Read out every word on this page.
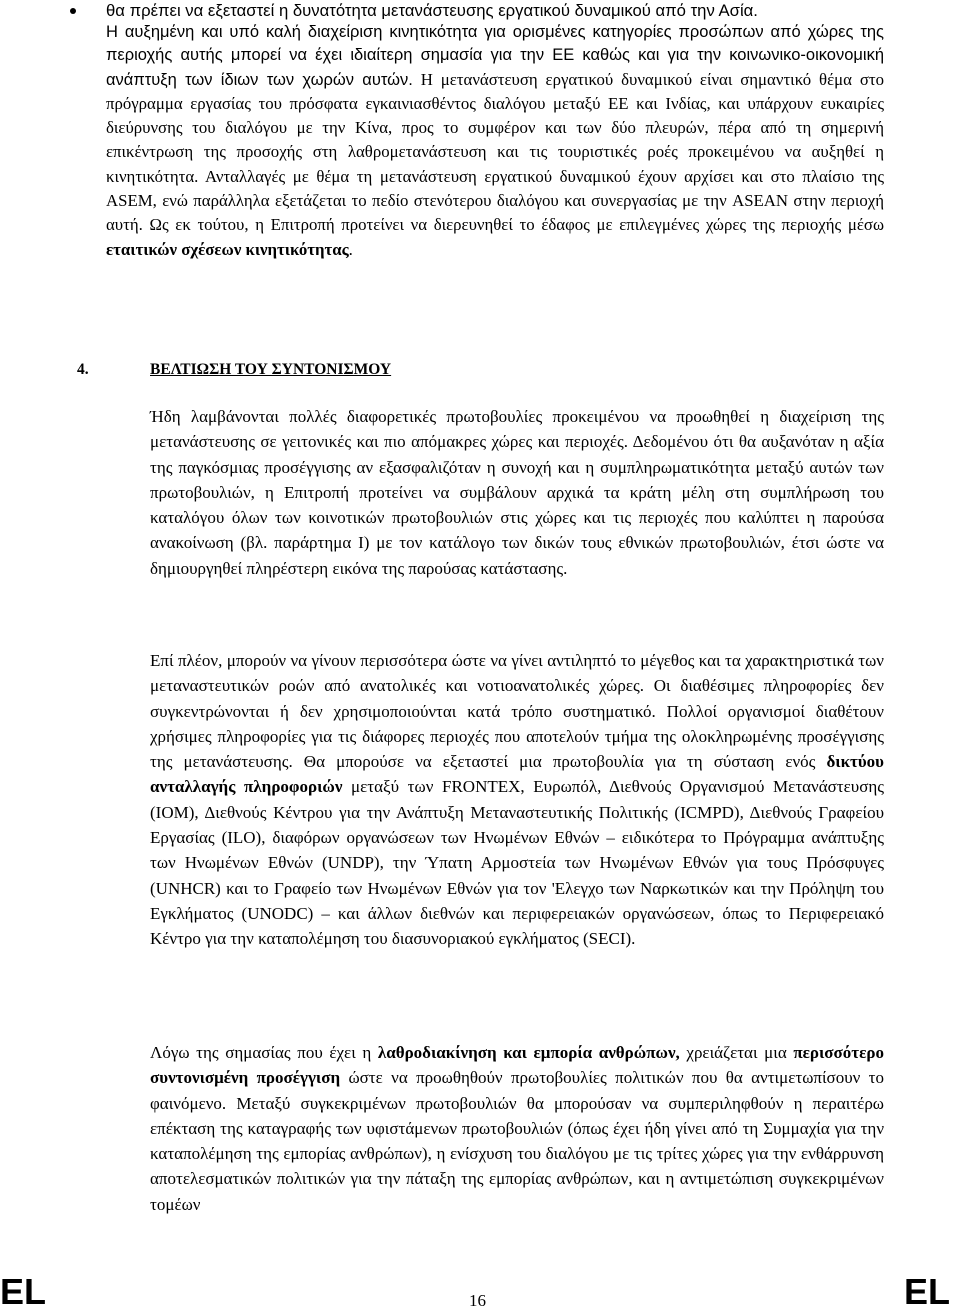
θα πρέπει να εξεταστεί η δυνατότητα μετανάστευσης εργατικού δυναμικού από την Ασία.
Η αυξημένη και υπό καλή διαχείριση κινητικότητα για ορισμένες κατηγορίες προσώπων από χώρες της περιοχής αυτής μπορεί να έχει ιδιαίτερη σημασία για την ΕΕ καθώς και για την κοινωνικο-οικονομική ανάπτυξη των ίδιων των χωρών αυτών. Η μετανάστευση εργατικού δυναμικού είναι σημαντικό θέμα στο πρόγραμμα εργασίας του πρόσφατα εγκαινιασθέντος διαλόγου μεταξύ ΕΕ και Ινδίας, και υπάρχουν ευκαιρίες διεύρυνσης του διαλόγου με την Κίνα, προς το συμφέρον και των δύο πλευρών, πέρα από τη σημερινή επικέντρωση της προσοχής στη λαθρομετανάστευση και τις τουριστικές ροές προκειμένου να αυξηθεί η κινητικότητα. Ανταλλαγές με θέμα τη μετανάστευση εργατικού δυναμικού έχουν αρχίσει και στο πλαίσιο της ASEM, ενώ παράλληλα εξετάζεται το πεδίο στενότερου διαλόγου και συνεργασίας με την ASEAN στην περιοχή αυτή. Ως εκ τούτου, η Επιτροπή προτείνει να διερευνηθεί το έδαφος με επιλεγμένες χώρες της περιοχής μέσω εταιτικών σχέσεων κινητικότητας.
4.	ΒΕΛΤΙΩΣΗ ΤΟΥ ΣΥΝΤΟΝΙΣΜΟΥ
Ήδη λαμβάνονται πολλές διαφορετικές πρωτοβουλίες προκειμένου να προωθηθεί η διαχείριση της μετανάστευσης σε γειτονικές και πιο απόμακρες χώρες και περιοχές. Δεδομένου ότι θα αυξανόταν η αξία της παγκόσμιας προσέγγισης αν εξασφαλιζόταν η συνοχή και η συμπληρωματικότητα μεταξύ αυτών των πρωτοβουλιών, η Επιτροπή προτείνει να συμβάλουν αρχικά τα κράτη μέλη στη συμπλήρωση του καταλόγου όλων των κοινοτικών πρωτοβουλιών στις χώρες και τις περιοχές που καλύπτει η παρούσα ανακοίνωση (βλ. παράρτημα Ι) με τον κατάλογο των δικών τους εθνικών πρωτοβουλιών, έτσι ώστε να δημιουργηθεί πληρέστερη εικόνα της παρούσας κατάστασης.
Επί πλέον, μπορούν να γίνουν περισσότερα ώστε να γίνει αντιληπτό το μέγεθος και τα χαρακτηριστικά των μεταναστευτικών ροών από ανατολικές και νοτιοανατολικές χώρες. Οι διαθέσιμες πληροφορίες δεν συγκεντρώνονται ή δεν χρησιμοποιούνται κατά τρόπο συστηματικό. Πολλοί οργανισμοί διαθέτουν χρήσιμες πληροφορίες για τις διάφορες περιοχές που αποτελούν τμήμα της ολοκληρωμένης προσέγγισης της μετανάστευσης. Θα μπορούσε να εξεταστεί μια πρωτοβουλία για τη σύσταση ενός δικτύου ανταλλαγής πληροφοριών μεταξύ των FRONTEX, Ευρωπόλ, Διεθνούς Οργανισμού Μετανάστευσης (IOM), Διεθνούς Κέντρου για την Ανάπτυξη Μεταναστευτικής Πολιτικής (ICMPD), Διεθνούς Γραφείου Εργασίας (ILO), διαφόρων οργανώσεων των Ηνωμένων Εθνών – ειδικότερα το Πρόγραμμα ανάπτυξης των Ηνωμένων Εθνών (UNDP), την Ύπατη Αρμοστεία των Ηνωμένων Εθνών για τους Πρόσφυγες (UNHCR) και το Γραφείο των Ηνωμένων Εθνών για τον 'Ελεγχο των Ναρκωτικών και την Πρόληψη του Εγκλήματος (UNODC) – και άλλων διεθνών και περιφερειακών οργανώσεων, όπως το Περιφερειακό Κέντρο για την καταπολέμηση του διασυνοριακού εγκλήματος (SECI).
Λόγω της σημασίας που έχει η λαθροδιακίνηση και εμπορία ανθρώπων, χρειάζεται μια περισσότερο συντονισμένη προσέγγιση ώστε να προωθηθούν πρωτοβουλίες πολιτικών που θα αντιμετωπίσουν το φαινόμενο. Μεταξύ συγκεκριμένων πρωτοβουλιών θα μπορούσαν να συμπεριληφθούν η περαιτέρω επέκταση της καταγραφής των υφιστάμενων πρωτοβουλιών (όπως έχει ήδη γίνει από τη Συμμαχία για την καταπολέμηση της εμπορίας ανθρώπων), η ενίσχυση του διαλόγου με τις τρίτες χώρες για την ενθάρρυνση αποτελεσματικών πολιτικών για την πάταξη της εμπορίας ανθρώπων, και η αντιμετώπιση συγκεκριμένων τομέων
EL	16	EL
